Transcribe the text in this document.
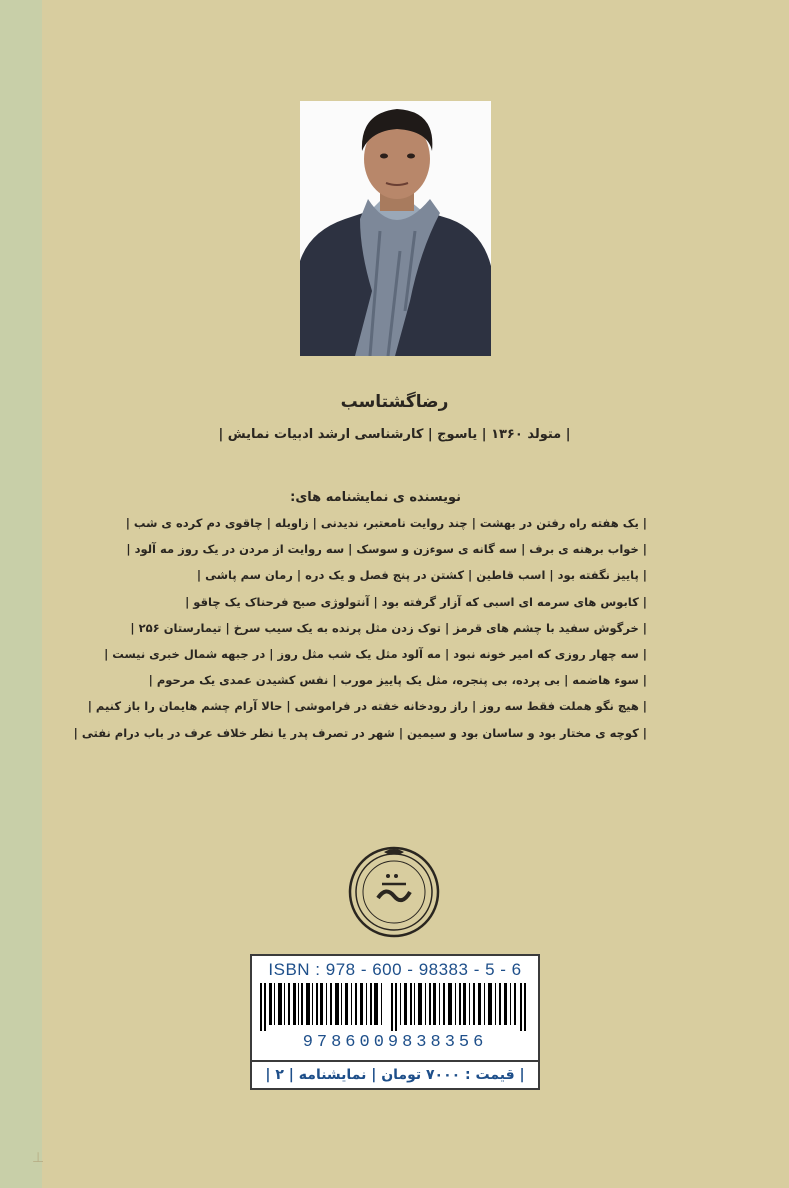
رضاگشتاسب
| متولد ۱۳۶۰ | یاسوج | کارشناسی ارشد ادبیات نمایش |
نویسنده ی نمایشنامه های:
| یک هفته راه رفتن در بهشت | چند روایت نامعتبر، ندیدنی | زاویله | چاقوی دم کرده ی شب |
| خواب برهنه ی برف | سه گانه ی سوءزن و سوسک | سه روایت از مردن در یک روز مه آلود |
| پاییز نگفته بود | اسب قاطین | کشتن در پنج فصل و یک دره | رمان سم پاشی |
| کابوس های سرمه ای اسبی که آزار گرفته بود | آنتولوژی صبح فرحناک یک چاقو |
| خرگوش سفید با چشم های قرمز | توک زدن مثل پرنده به یک سیب سرخ | تیمارستان ۲۵۶ |
| سه چهار روزی که امیر خونه نبود | مه آلود مثل یک شب مثل روز | در جبهه شمال خبری نیست |
| سوء هاضمه | بی پرده، بی پنجره، مثل یک پاییز مورب | نفس کشیدن عمدی یک مرحوم |
| هیچ نگو هملت فقط سه روز | راز رودخانه خفته در فراموشی | حالا آرام چشم هایمان را باز کنیم |
| کوچه ی مختار بود و ساسان بود و سیمین | شهر در تصرف پدر یا نظر خلاف عرف در باب درام نفتی |
ISBN : 978 - 600 - 98383 - 5 - 6
9786009838356
| قیمت : ۷۰۰۰ تومان | نمایشنامه | ۲ |
⊥
